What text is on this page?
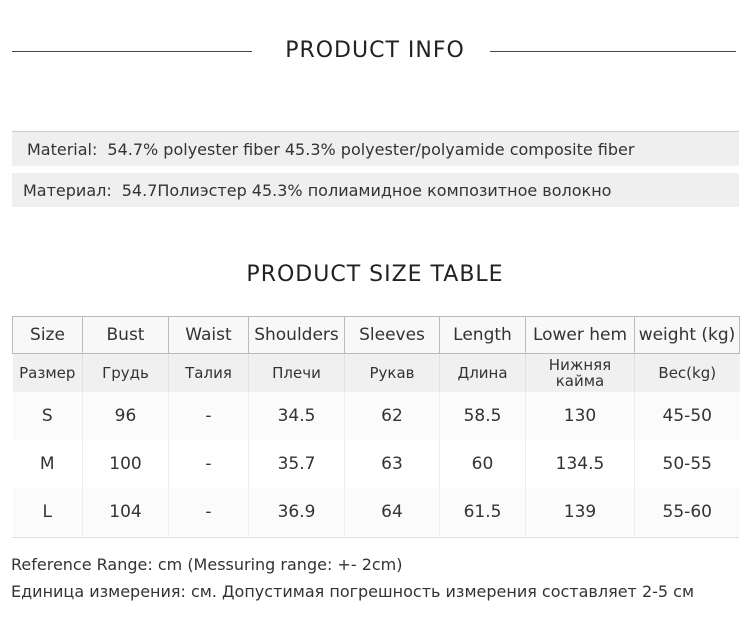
PRODUCT INFO
Material: 54.7% polyester fiber 45.3% polyester/polyamide composite fiber
Материал: 54.7Полиэстер 45.3% полиамидное композитное волокно
PRODUCT SIZE TABLE
Size	Bust	Waist	Shoulders	Sleeves	Length	Lower hem	weight (kg)
Размер	Грудь	Талия	Плечи	Рукав	Длина	Нижняя кайма	Вес(kg)
S	96	-	34.5	62	58.5	130	45-50
M	100	-	35.7	63	60	134.5	50-55
L	104	-	36.9	64	61.5	139	55-60
Reference Range: cm (Messuring range: +- 2cm)
Единица измерения: см. Допустимая погрешность измерения составляет 2-5 см
